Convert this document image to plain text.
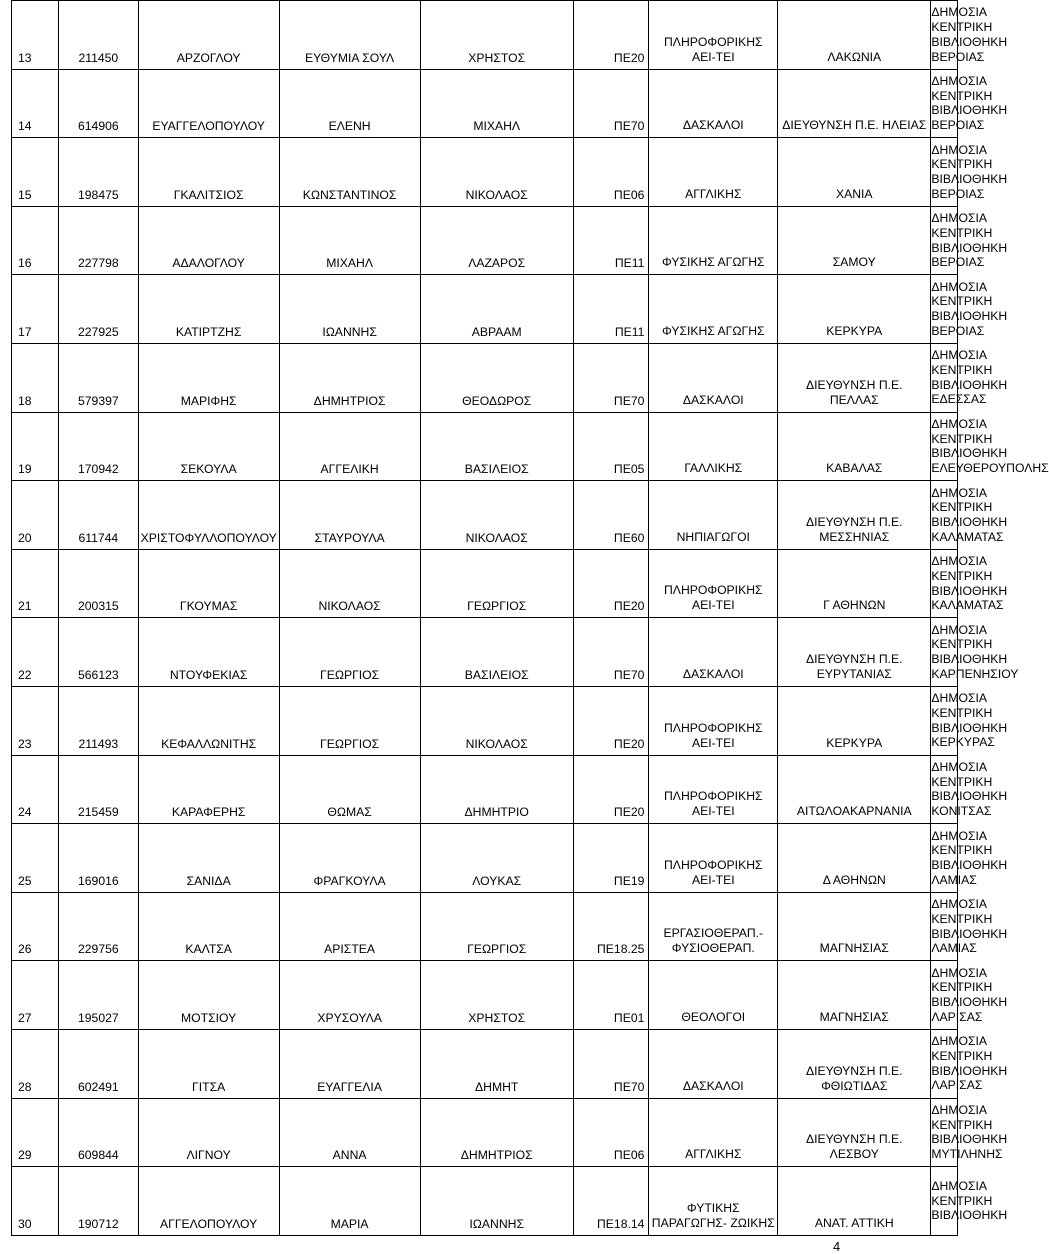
13	211450	ΑΡΖΟΓΛΟΥ	ΕΥΘΥΜΙΑ ΣΟΥΛ	ΧΡΗΣΤΟΣ	ΠΕ20	ΠΛΗΡΟΦΟΡΙΚΗΣ ΑΕΙ-ΤΕΙ	ΛΑΚΩΝΙΑ	ΔΗΜΟΣΙΑ ΚΕΝΤΡΙΚΗ ΒΙΒΛΙΟΘΗΚΗ ΒΕΡΟΙΑΣ
14	614906	ΕΥΑΓΓΕΛΟΠΟΥΛΟΥ	ΕΛΕΝΗ	ΜΙΧΑΗΛ	ΠΕ70	ΔΑΣΚΑΛΟΙ	ΔΙΕΥΘΥΝΣΗ Π.Ε. ΗΛΕΙΑΣ	ΔΗΜΟΣΙΑ ΚΕΝΤΡΙΚΗ ΒΙΒΛΙΟΘΗΚΗ ΒΕΡΟΙΑΣ
15	198475	ΓΚΑΛΙΤΣΙΟΣ	ΚΩΝΣΤΑΝΤΙΝΟΣ	ΝΙΚΟΛΑΟΣ	ΠΕ06	ΑΓΓΛΙΚΗΣ	ΧΑΝΙΑ	ΔΗΜΟΣΙΑ ΚΕΝΤΡΙΚΗ ΒΙΒΛΙΟΘΗΚΗ ΒΕΡΟΙΑΣ
16	227798	ΑΔΑΛΟΓΛΟΥ	ΜΙΧΑΗΛ	ΛΑΖΑΡΟΣ	ΠΕ11	ΦΥΣΙΚΗΣ ΑΓΩΓΗΣ	ΣΑΜΟΥ	ΔΗΜΟΣΙΑ ΚΕΝΤΡΙΚΗ ΒΙΒΛΙΟΘΗΚΗ ΒΕΡΟΙΑΣ
17	227925	ΚΑΤΙΡΤΖΗΣ	ΙΩΑΝΝΗΣ	ΑΒΡΑΑΜ	ΠΕ11	ΦΥΣΙΚΗΣ ΑΓΩΓΗΣ	ΚΕΡΚΥΡΑ	ΔΗΜΟΣΙΑ ΚΕΝΤΡΙΚΗ ΒΙΒΛΙΟΘΗΚΗ ΒΕΡΟΙΑΣ
18	579397	ΜΑΡΙΦΗΣ	ΔΗΜΗΤΡΙΟΣ	ΘΕΟΔΩΡΟΣ	ΠΕ70	ΔΑΣΚΑΛΟΙ	ΔΙΕΥΘΥΝΣΗ Π.Ε. ΠΕΛΛΑΣ	ΔΗΜΟΣΙΑ ΚΕΝΤΡΙΚΗ ΒΙΒΛΙΟΘΗΚΗ ΕΔΕΣΣΑΣ
19	170942	ΣΕΚΟΥΛΑ	ΑΓΓΕΛΙΚΗ	ΒΑΣΙΛΕΙΟΣ	ΠΕ05	ΓΑΛΛΙΚΗΣ	ΚΑΒΑΛΑΣ	ΔΗΜΟΣΙΑ ΚΕΝΤΡΙΚΗ ΒΙΒΛΙΟΘΗΚΗ ΕΛΕΥΘΕΡΟΥΠΟΛΗΣ
20	611744	ΧΡΙΣΤΟΦΥΛΛΟΠΟΥΛΟΥ	ΣΤΑΥΡΟΥΛΑ	ΝΙΚΟΛΑΟΣ	ΠΕ60	ΝΗΠΙΑΓΩΓΟΙ	ΔΙΕΥΘΥΝΣΗ Π.Ε. ΜΕΣΣΗΝΙΑΣ	ΔΗΜΟΣΙΑ ΚΕΝΤΡΙΚΗ ΒΙΒΛΙΟΘΗΚΗ ΚΑΛΑΜΑΤΑΣ
21	200315	ΓΚΟΥΜΑΣ	ΝΙΚΟΛΑΟΣ	ΓΕΩΡΓΙΟΣ	ΠΕ20	ΠΛΗΡΟΦΟΡΙΚΗΣ ΑΕΙ-ΤΕΙ	Γ ΑΘΗΝΩΝ	ΔΗΜΟΣΙΑ ΚΕΝΤΡΙΚΗ ΒΙΒΛΙΟΘΗΚΗ ΚΑΛΑΜΑΤΑΣ
22	566123	ΝΤΟΥΦΕΚΙΑΣ	ΓΕΩΡΓΙΟΣ	ΒΑΣΙΛΕΙΟΣ	ΠΕ70	ΔΑΣΚΑΛΟΙ	ΔΙΕΥΘΥΝΣΗ Π.Ε. ΕΥΡΥΤΑΝΙΑΣ	ΔΗΜΟΣΙΑ ΚΕΝΤΡΙΚΗ ΒΙΒΛΙΟΘΗΚΗ ΚΑΡΠΕΝΗΣΙΟΥ
23	211493	ΚΕΦΑΛΛΩΝΙΤΗΣ	ΓΕΩΡΓΙΟΣ	ΝΙΚΟΛΑΟΣ	ΠΕ20	ΠΛΗΡΟΦΟΡΙΚΗΣ ΑΕΙ-ΤΕΙ	ΚΕΡΚΥΡΑ	ΔΗΜΟΣΙΑ ΚΕΝΤΡΙΚΗ ΒΙΒΛΙΟΘΗΚΗ ΚΕΡΚΥΡΑΣ
24	215459	ΚΑΡΑΦΕΡΗΣ	ΘΩΜΑΣ	ΔΗΜΗΤΡΙΟ	ΠΕ20	ΠΛΗΡΟΦΟΡΙΚΗΣ ΑΕΙ-ΤΕΙ	ΑΙΤΩΛΟΑΚΑΡΝΑΝΙΑ	ΔΗΜΟΣΙΑ ΚΕΝΤΡΙΚΗ ΒΙΒΛΙΟΘΗΚΗ ΚΟΝΙΤΣΑΣ
25	169016	ΣΑΝΙΔΑ	ΦΡΑΓΚΟΥΛΑ	ΛΟΥΚΑΣ	ΠΕ19	ΠΛΗΡΟΦΟΡΙΚΗΣ ΑΕΙ-ΤΕΙ	Δ ΑΘΗΝΩΝ	ΔΗΜΟΣΙΑ ΚΕΝΤΡΙΚΗ ΒΙΒΛΙΟΘΗΚΗ ΛΑΜΙΑΣ
26	229756	ΚΑΛΤΣΑ	ΑΡΙΣΤΕΑ	ΓΕΩΡΓΙΟΣ	ΠΕ18.25	ΕΡΓΑΣΙΟΘΕΡΑΠ.- ΦΥΣΙΟΘΕΡΑΠ.	ΜΑΓΝΗΣΙΑΣ	ΔΗΜΟΣΙΑ ΚΕΝΤΡΙΚΗ ΒΙΒΛΙΟΘΗΚΗ ΛΑΜΙΑΣ
27	195027	ΜΟΤΣΙΟΥ	ΧΡΥΣΟΥΛΑ	ΧΡΗΣΤΟΣ	ΠΕ01	ΘΕΟΛΟΓΟΙ	ΜΑΓΝΗΣΙΑΣ	ΔΗΜΟΣΙΑ ΚΕΝΤΡΙΚΗ ΒΙΒΛΙΟΘΗΚΗ ΛΑΡΙΣΑΣ
28	602491	ΓΙΤΣΑ	ΕΥΑΓΓΕΛΙΑ	ΔΗΜΗΤ	ΠΕ70	ΔΑΣΚΑΛΟΙ	ΔΙΕΥΘΥΝΣΗ Π.Ε. ΦΘΙΩΤΙΔΑΣ	ΔΗΜΟΣΙΑ ΚΕΝΤΡΙΚΗ ΒΙΒΛΙΟΘΗΚΗ ΛΑΡΙΣΑΣ
29	609844	ΛΙΓΝΟΥ	ΑΝΝΑ	ΔΗΜΗΤΡΙΟΣ	ΠΕ06	ΑΓΓΛΙΚΗΣ	ΔΙΕΥΘΥΝΣΗ Π.Ε. ΛΕΣΒΟΥ	ΔΗΜΟΣΙΑ ΚΕΝΤΡΙΚΗ ΒΙΒΛΙΟΘΗΚΗ ΜΥΤΙΛΗΝΗΣ
30	190712	ΑΓΓΕΛΟΠΟΥΛΟΥ	ΜΑΡΙΑ	ΙΩΑΝΝΗΣ	ΠΕ18.14	ΦΥΤΙΚΗΣ ΠΑΡΑΓΩΓΗΣ- ΖΩΙΚΗΣ	ΑΝΑΤ. ΑΤΤΙΚΗ	ΔΗΜΟΣΙΑ ΚΕΝΤΡΙΚΗ ΒΙΒΛΙΟΘΗΚΗ
4
